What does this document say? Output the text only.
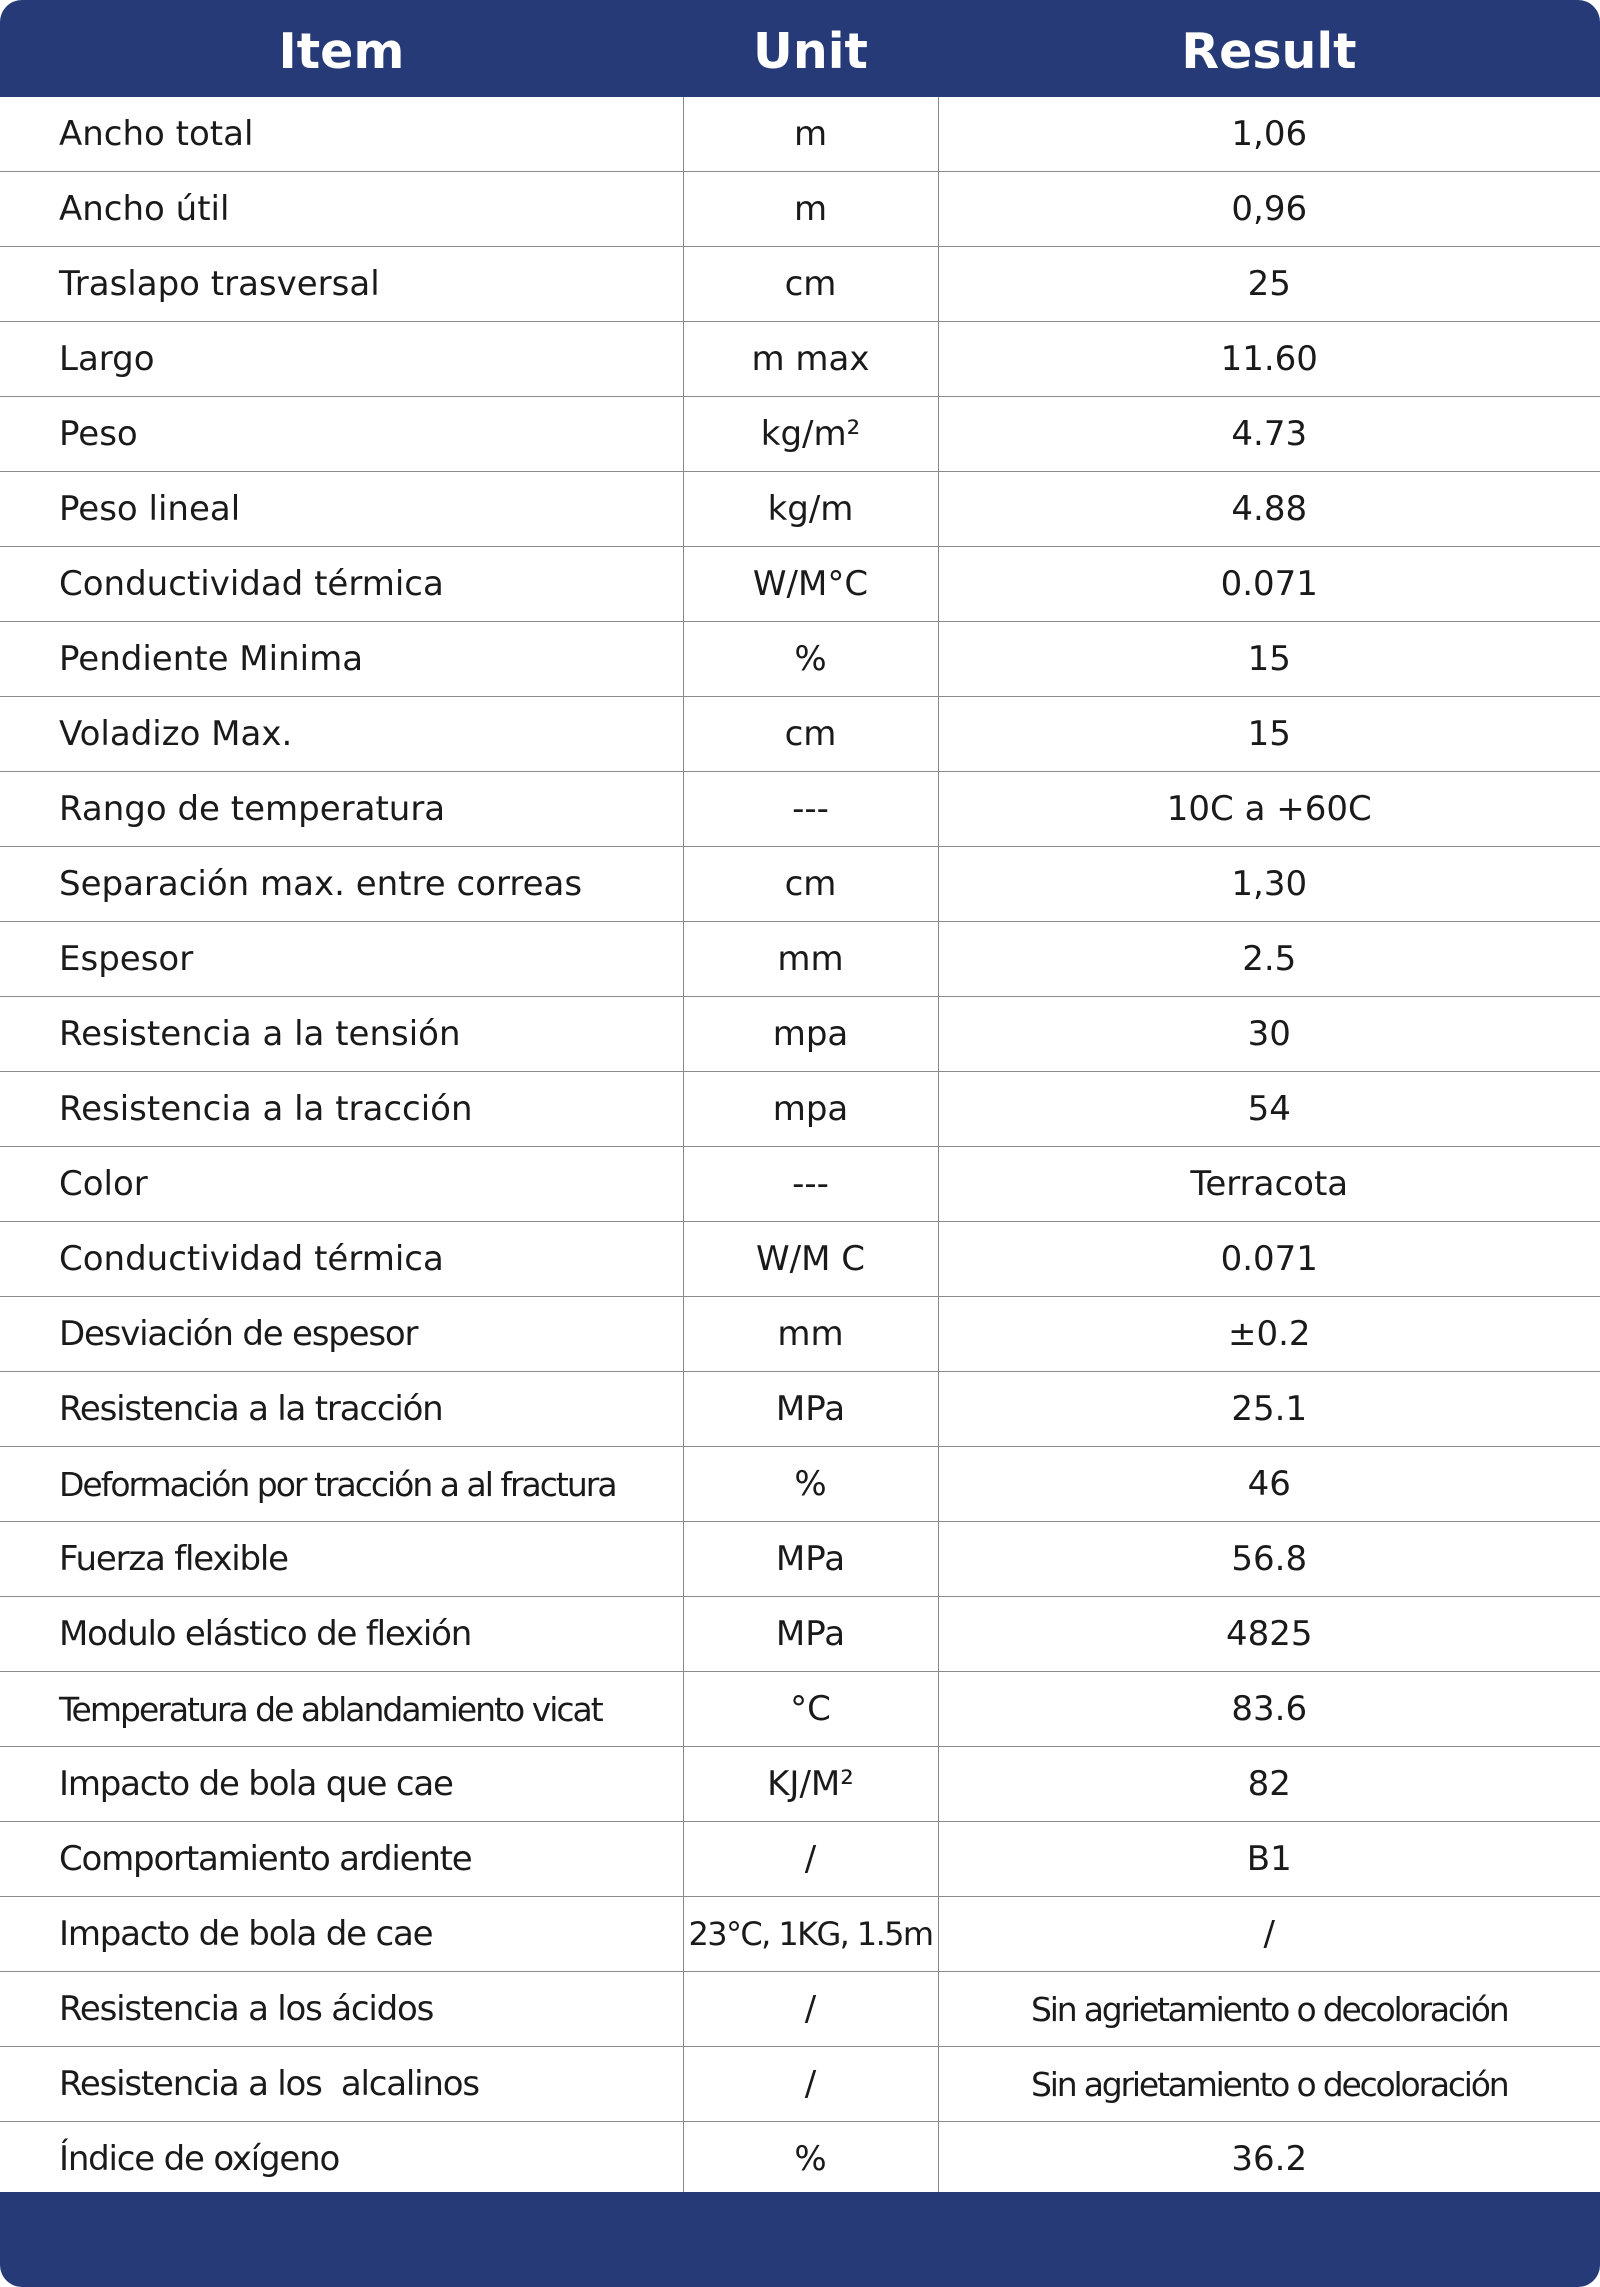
Item	Unit	Result
Ancho total	m	1,06
Ancho útil	m	0,96
Traslapo trasversal	cm	25
Largo	m max	11.60
Peso	kg/m²	4.73
Peso lineal	kg/m	4.88
Conductividad térmica	W/M°C	0.071
Pendiente Minima	%	15
Voladizo Max.	cm	15
Rango de temperatura	---	10C a +60C
Separación max. entre correas	cm	1,30
Espesor	mm	2.5
Resistencia a la tensión	mpa	30
Resistencia a la tracción	mpa	54
Color	---	Terracota
Conductividad térmica	W/M C	0.071
Desviación de espesor	mm	±0.2
Resistencia a la tracción	MPa	25.1
Deformación por tracción a al fractura	%	46
Fuerza flexible	MPa	56.8
Modulo elástico de flexión	MPa	4825
Temperatura de ablandamiento vicat	°C	83.6
Impacto de bola que cae	KJ/M²	82
Comportamiento ardiente	/	B1
Impacto de bola de cae	23°C, 1KG, 1.5m	/
Resistencia a los ácidos	/	Sin agrietamiento o decoloración
Resistencia a los  alcalinos	/	Sin agrietamiento o decoloración
Índice de oxígeno	%	36.2
